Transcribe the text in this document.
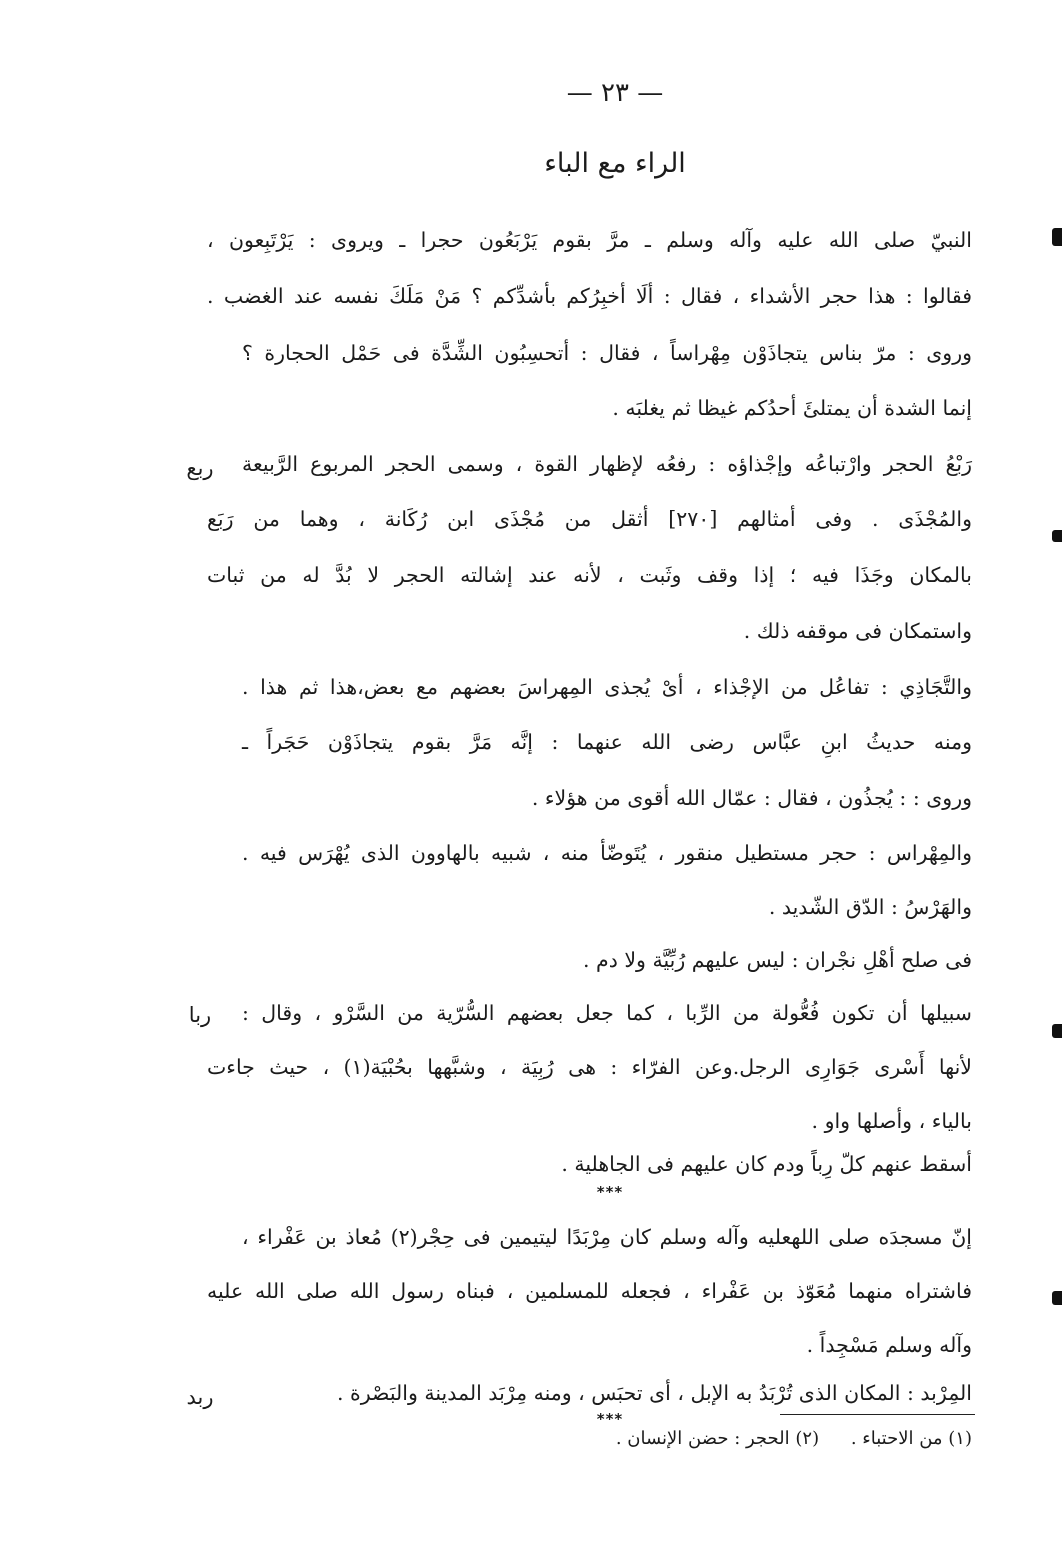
— ٢٣ —
الراء مع الباء
النبيّ صلى الله عليه وآله وسلم ـ مرَّ بقوم يَرْبَعُون حجرا ـ ويروى : يَرْتَبِعون ،
فقالوا : هذا حجر الأشداء ، فقال : ألَا أخبِرُكم بأشدِّكم ؟ مَنْ مَلَكَ نفسه عند الغضب .
وروى : مرّ بناس يتجاذَوْن مِهْراساً ، فقال : أتحسِبُون الشِّدَّة فى حَمْل الحجارة ؟
إنما الشدة أن يمتلئَ أحدُكم غيظا ثم يغلبَه .
رَبْعُ الحجر وارْتباعُه وإجْذاؤه : رفعُه لإظهار القوة ، وسمى الحجر المربوع الرَّبيعة
والمُجْذَى . وفى أمثالهم [٢٧٠] أثقل من مُجْذَى ابن رُكَانة ، وهما من رَبَع
بالمكان وجَذَا فيه ؛ إذا وقف وثَبت ، لأنه عند إشالته الحجر لا بُدَّ له من ثبات
واستمكان فى موقفه ذلك .
والتَّجَاذِي : تفاعُل من الإجْذاء ، أىْ يُجذى المِهراسَ بعضهم مع بعض،هذا ثم هذا .
ومنه حديثُ ابنِ عبَّاس رضى الله عنهما : إنَّه مَرَّ بقوم يتجاذَوْن حَجَراً ـ
وروى : : يُجذُون ، فقال : عمّال الله أقوى من هؤلاء .
والمِهْراس : حجر مستطيل منقور ، يُتَوضّأ منه ، شبيه بالهاوون الذى يُهْرَس فيه .
والهَرْسُ : الدّق الشّديد .
فى صلح أهْلِ نجْران : ليس عليهم رُبِّيَّة ولا دم .
سبيلها أن تكون فُعُّولة من الرِّبا ، كما جعل بعضهم السُّرّية من السَّرْو ، وقال :
لأنها أَسْرى جَوَارِى الرجل.وعن الفرّاء : هى رُبِيَة ، وشبَّهها بحُبْيَة(١) ، حيث جاءت
بالياء ، وأصلها واو .
أسقط عنهم كلّ رِباً ودم كان عليهم فى الجاهلية .
إنّ مسجدَه صلى اللهعليه وآله وسلم كان مِرْبَدًا ليتيمين فى حِجْر(٢) مُعاذ بن عَفْراء ،
فاشتراه منهما مُعَوّذ بن عَفْراء ، فجعله للمسلمين ، فبناه رسول الله صلى الله عليه
وآله وسلم مَسْجِداً .
المِرْبد : المكان الذى تُرْبَدُ به الإبل ، أى تحبَس ، ومنه مِرْبَد المدينة والبَصْرة .
ربع
ربا
ربد
***
***
(١) من الاحتباء . (٢) الحجر : حضن الإنسان .
